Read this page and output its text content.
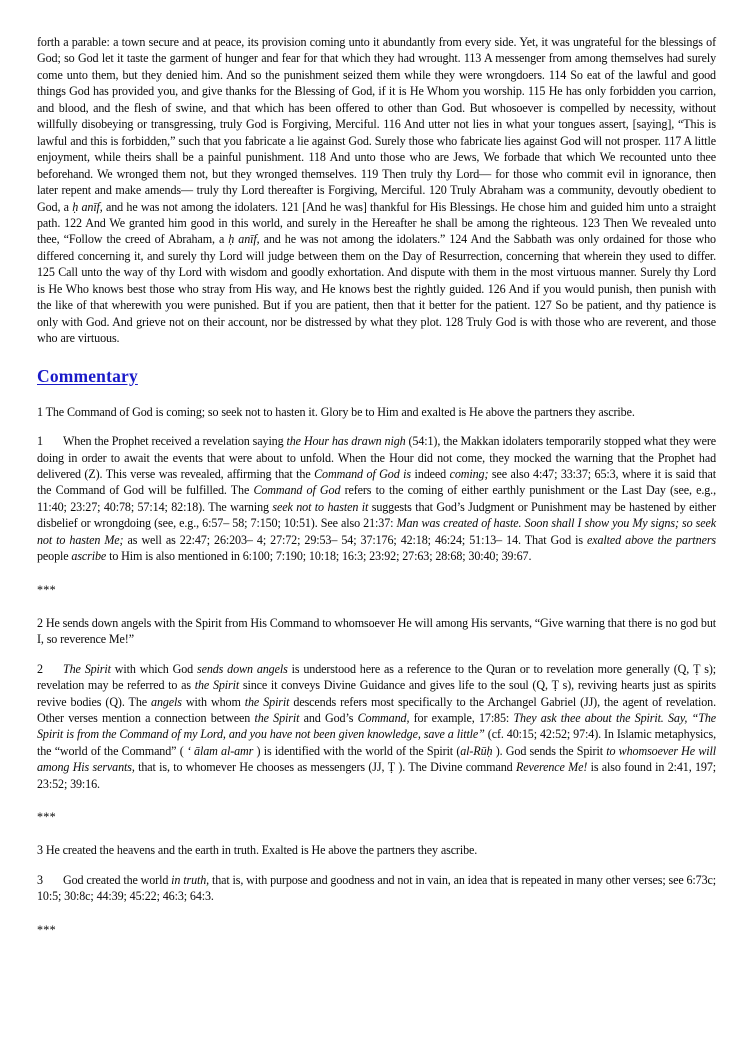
forth a parable: a town secure and at peace, its provision coming unto it abundantly from every side. Yet, it was ungrateful for the blessings of God; so God let it taste the garment of hunger and fear for that which they had wrought. 113 A messenger from among themselves had surely come unto them, but they denied him. And so the punishment seized them while they were wrongdoers. 114 So eat of the lawful and good things God has provided you, and give thanks for the Blessing of God, if it is He Whom you worship. 115 He has only forbidden you carrion, and blood, and the flesh of swine, and that which has been offered to other than God. But whosoever is compelled by necessity, without willfully disobeying or transgressing, truly God is Forgiving, Merciful. 116 And utter not lies in what your tongues assert, [saying], “This is lawful and this is forbidden,” such that you fabricate a lie against God. Surely those who fabricate lies against God will not prosper. 117 A little enjoyment, while theirs shall be a painful punishment. 118 And unto those who are Jews, We forbade that which We recounted unto thee beforehand. We wronged them not, but they wronged themselves. 119 Then truly thy Lord— for those who commit evil in ignorance, then later repent and make amends— truly thy Lord thereafter is Forgiving, Merciful. 120 Truly Abraham was a community, devoutly obedient to God, a ḥ anīf, and he was not among the idolaters. 121 [And he was] thankful for His Blessings. He chose him and guided him unto a straight path. 122 And We granted him good in this world, and surely in the Hereafter he shall be among the righteous. 123 Then We revealed unto thee, “Follow the creed of Abraham, a ḥ anīf, and he was not among the idolaters.” 124 And the Sabbath was only ordained for those who differed concerning it, and surely thy Lord will judge between them on the Day of Resurrection, concerning that wherein they used to differ. 125 Call unto the way of thy Lord with wisdom and goodly exhortation. And dispute with them in the most virtuous manner. Surely thy Lord is He Who knows best those who stray from His way, and He knows best the rightly guided. 126 And if you would punish, then punish with the like of that wherewith you were punished. But if you are patient, then that it better for the patient. 127 So be patient, and thy patience is only with God. And grieve not on their account, nor be distressed by what they plot. 128 Truly God is with those who are reverent, and those who are virtuous.

Commentary

1 The Command of God is coming; so seek not to hasten it. Glory be to Him and exalted is He above the partners they ascribe.

1 When the Prophet received a revelation saying the Hour has drawn nigh (54:1), the Makkan idolaters temporarily stopped what they were doing in order to await the events that were about to unfold. When the Hour did not come, they mocked the warning that the Prophet had delivered (Z). This verse was revealed, affirming that the Command of God is indeed coming; see also 4:47; 33:37; 65:3, where it is said that the Command of God will be fulfilled. The Command of God refers to the coming of either earthly punishment or the Last Day (see, e.g., 11:40; 23:27; 40:78; 57:14; 82:18). The warning seek not to hasten it suggests that God’s Judgment or Punishment may be hastened by either disbelief or wrongdoing (see, e.g., 6:57– 58; 7:150; 10:51). See also 21:37: Man was created of haste. Soon shall I show you My signs; so seek not to hasten Me; as well as 22:47; 26:203– 4; 27:72; 29:53– 54; 37:176; 42:18; 46:24; 51:13– 14. That God is exalted above the partners people ascribe to Him is also mentioned in 6:100; 7:190; 10:18; 16:3; 23:92; 27:63; 28:68; 30:40; 39:67.

***

2 He sends down angels with the Spirit from His Command to whomsoever He will among His servants, “Give warning that there is no god but I, so reverence Me!”

2 The Spirit with which God sends down angels is understood here as a reference to the Quran or to revelation more generally (Q, Ṭ s); revelation may be referred to as the Spirit since it conveys Divine Guidance and gives life to the soul (Q, Ṭ s), reviving hearts just as spirits revive bodies (Q). The angels with whom the Spirit descends refers most specifically to the Archangel Gabriel (JJ), the agent of revelation. Other verses mention a connection between the Spirit and God’s Command, for example, 17:85: They ask thee about the Spirit. Say, “The Spirit is from the Command of my Lord, and you have not been given knowledge, save a little” (cf. 40:15; 42:52; 97:4). In Islamic metaphysics, the “world of the Command” ( ʻ ālam al-amr ) is identified with the world of the Spirit (al-Rūḥ ). God sends the Spirit to whomsoever He will among His servants, that is, to whomever He chooses as messengers (JJ, Ṭ ). The Divine command Reverence Me! is also found in 2:41, 197; 23:52; 39:16.

***

3 He created the heavens and the earth in truth. Exalted is He above the partners they ascribe.

3 God created the world in truth, that is, with purpose and goodness and not in vain, an idea that is repeated in many other verses; see 6:73c; 10:5; 30:8c; 44:39; 45:22; 46:3; 64:3.

***
